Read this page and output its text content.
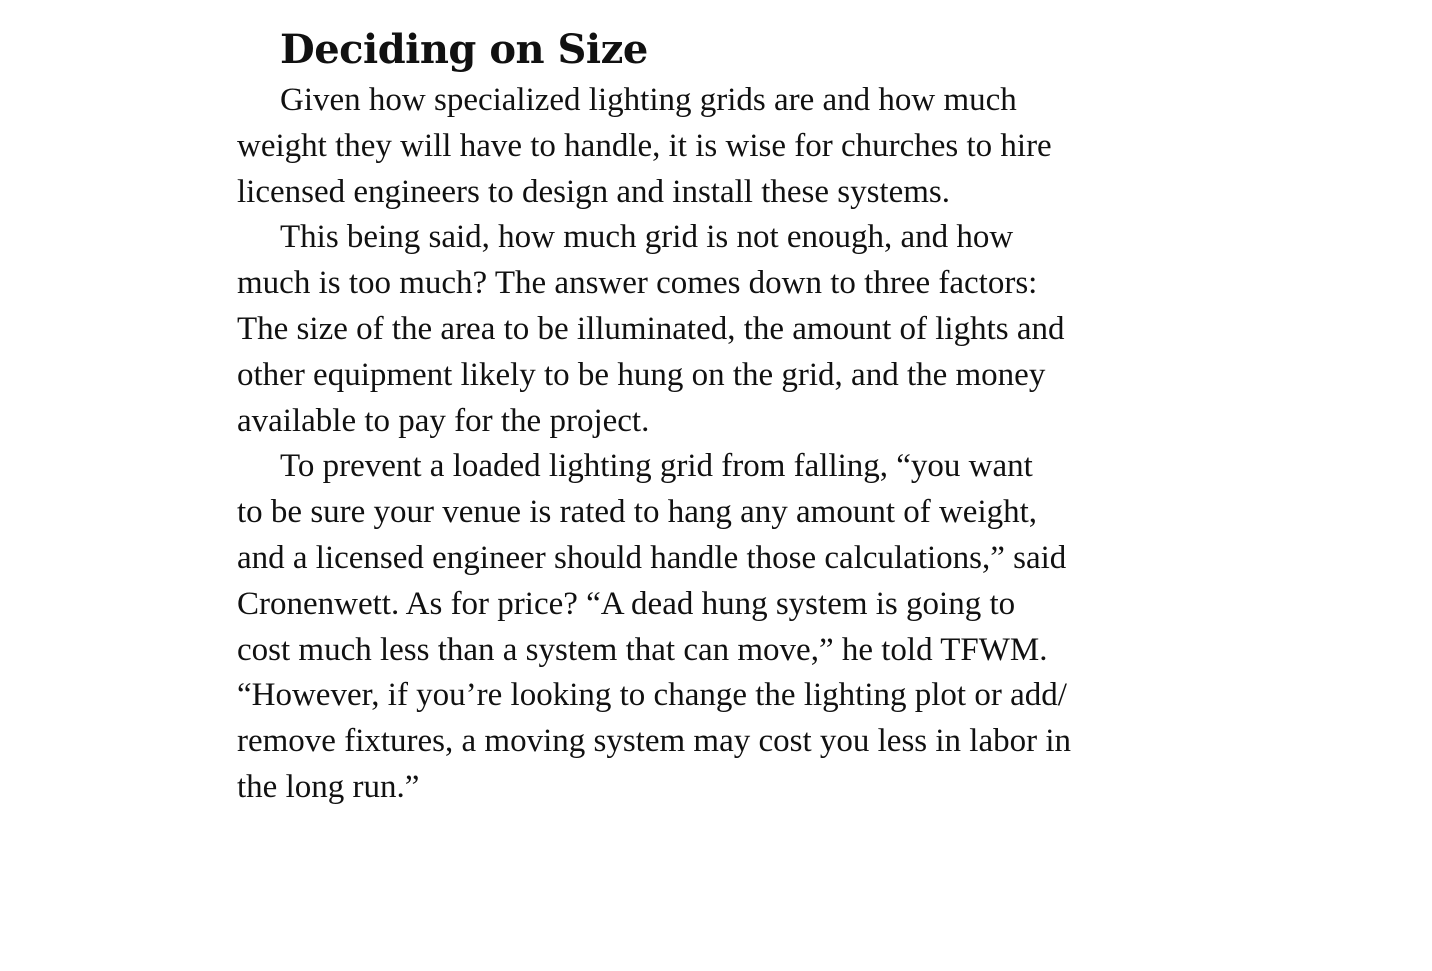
Deciding on Size

Given how specialized lighting grids are and how much
weight they will have to handle, it is wise for churches to hire
licensed engineers to design and install these systems.

This being said, how much grid is not enough, and how
much is too much? The answer comes down to three factors:
The size of the area to be illuminated, the amount of lights and
other equipment likely to be hung on the grid, and the money
available to pay for the project.

To prevent a loaded lighting grid from falling, “you want
to be sure your venue is rated to hang any amount of weight,
and a licensed engineer should handle those calculations,” said
Cronenwett. As for price? “A dead hung system is going to
cost much less than a system that can move,” he told TFWM.
“However, if you’re looking to change the lighting plot or add/
remove fixtures, a moving system may cost you less in labor in
the long run.”
